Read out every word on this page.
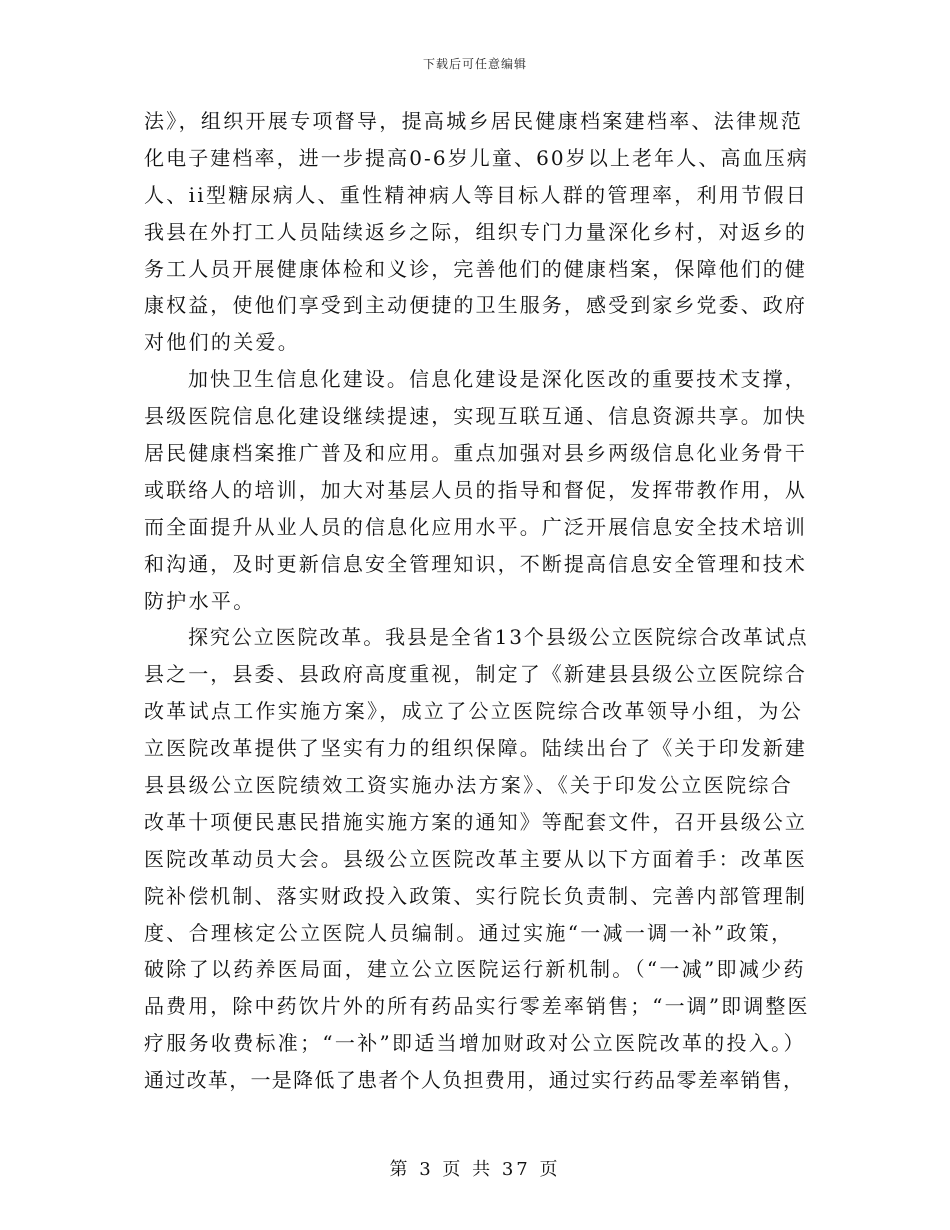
下载后可任意编辑
法》，组织开展专项督导，提高城乡居民健康档案建档率、法律规范
化电子建档率，进一步提高0-6岁儿童、60岁以上老年人、高血压病
人、ii型糖尿病人、重性精神病人等目标人群的管理率，利用节假日
我县在外打工人员陆续返乡之际，组织专门力量深化乡村，对返乡的
务工人员开展健康体检和义诊，完善他们的健康档案，保障他们的健
康权益，使他们享受到主动便捷的卫生服务，感受到家乡党委、政府
对他们的关爱。
加快卫生信息化建设。信息化建设是深化医改的重要技术支撑，
县级医院信息化建设继续提速，实现互联互通、信息资源共享。加快
居民健康档案推广普及和应用。重点加强对县乡两级信息化业务骨干
或联络人的培训，加大对基层人员的指导和督促，发挥带教作用，从
而全面提升从业人员的信息化应用水平。广泛开展信息安全技术培训
和沟通，及时更新信息安全管理知识，不断提高信息安全管理和技术
防护水平。
探究公立医院改革。我县是全省13个县级公立医院综合改革试点
县之一，县委、县政府高度重视，制定了《新建县县级公立医院综合
改革试点工作实施方案》，成立了公立医院综合改革领导小组，为公
立医院改革提供了坚实有力的组织保障。陆续出台了《关于印发新建
县县级公立医院绩效工资实施办法方案》、《关于印发公立医院综合
改革十项便民惠民措施实施方案的通知》等配套文件，召开县级公立
医院改革动员大会。县级公立医院改革主要从以下方面着手：改革医
院补偿机制、落实财政投入政策、实行院长负责制、完善内部管理制
度、合理核定公立医院人员编制。通过实施“一减一调一补”政策，
破除了以药养医局面，建立公立医院运行新机制。（“一减”即减少药
品费用，除中药饮片外的所有药品实行零差率销售；“一调”即调整医
疗服务收费标准；“一补”即适当增加财政对公立医院改革的投入。）
通过改革，一是降低了患者个人负担费用，通过实行药品零差率销售，
第 3 页 共 37 页
